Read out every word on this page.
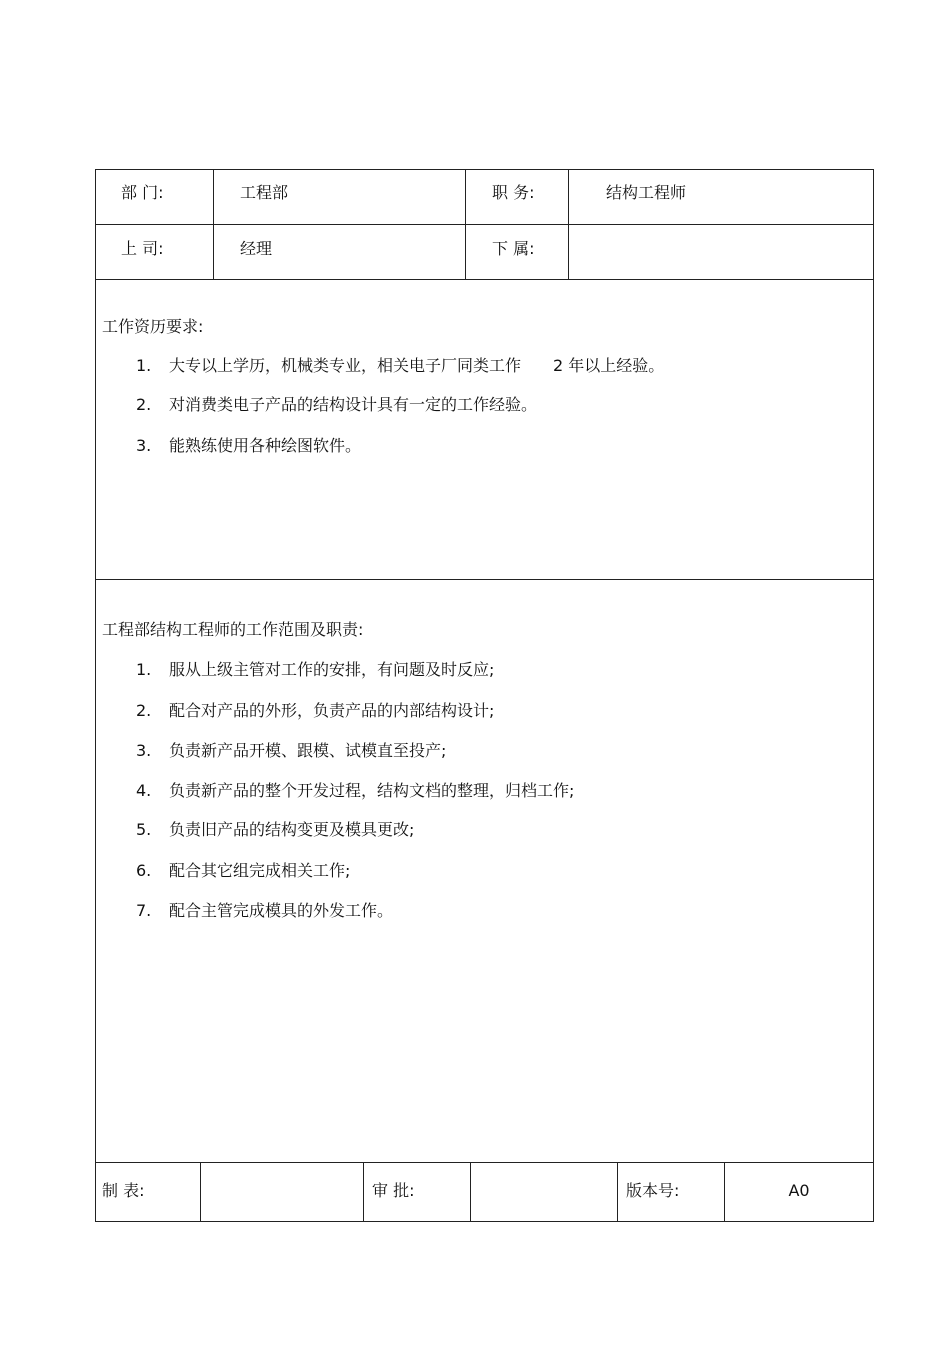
部 门:	工程部	职 务:	结构工程师
上 司:	经理	下 属:
工作资历要求:
1. 大专以上学历，机械类专业，相关电子厂同类工作　　2 年以上经验。
2. 对消费类电子产品的结构设计具有一定的工作经验。
3. 能熟练使用各种绘图软件。
工程部结构工程师的工作范围及职责:
1. 服从上级主管对工作的安排，有问题及时反应;
2. 配合对产品的外形，负责产品的内部结构设计;
3. 负责新产品开模、跟模、试模直至投产;
4. 负责新产品的整个开发过程，结构文档的整理，归档工作;
5. 负责旧产品的结构变更及模具更改;
6. 配合其它组完成相关工作;
7. 配合主管完成模具的外发工作。
制 表:	审 批:	版本号:	A0
